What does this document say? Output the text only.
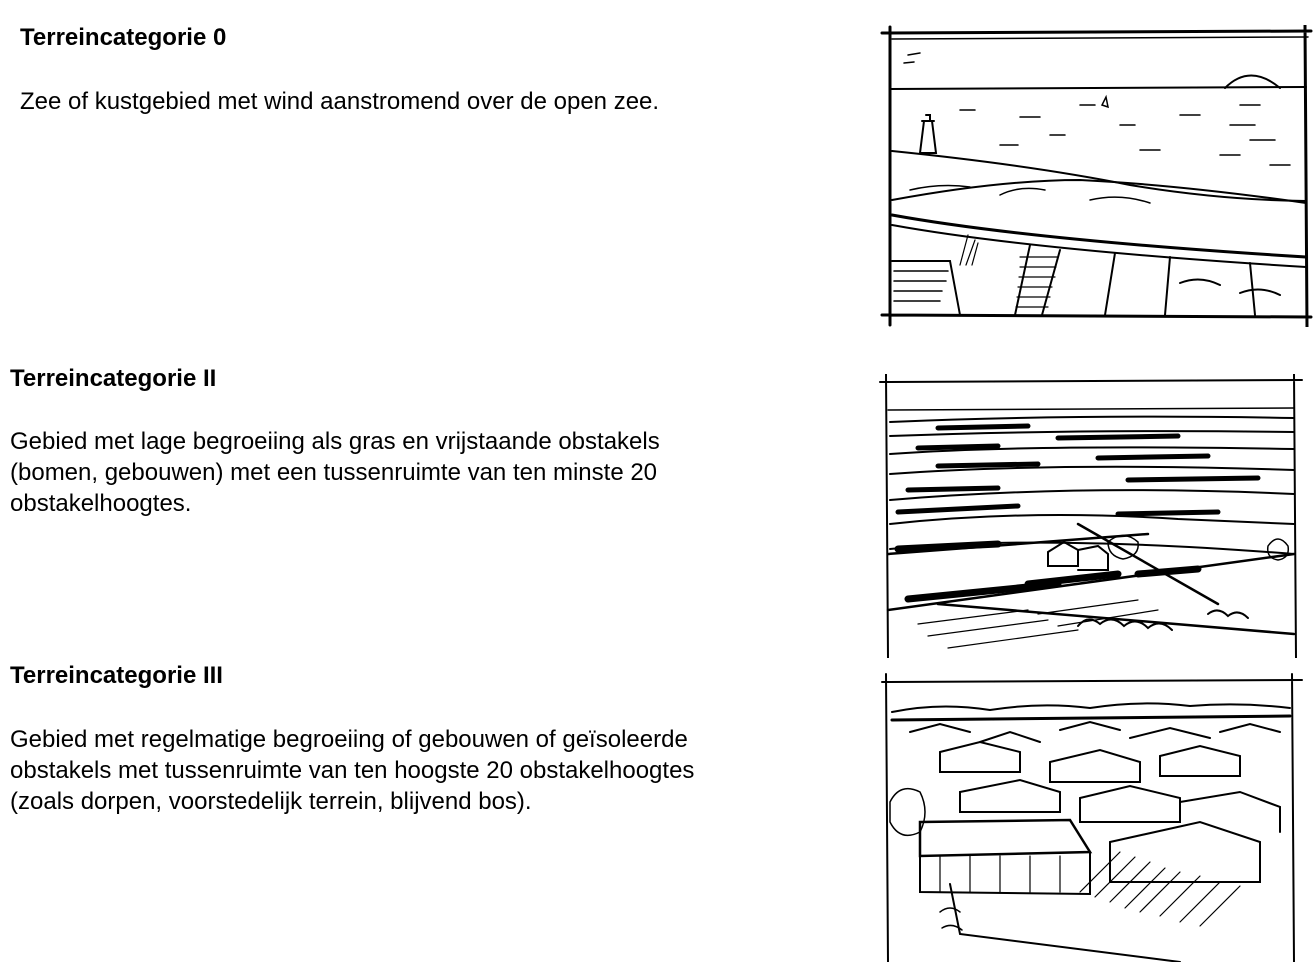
Terreincategorie 0

Zee of kustgebied met wind aanstromend over de open zee.

Terreincategorie II

Gebied met lage begroeiing als gras en vrijstaande obstakels
(bomen, gebouwen) met een tussenruimte van ten minste 20
obstakelhoogtes.

Terreincategorie III

Gebied met regelmatige begroeiing of gebouwen of geïsoleerde
obstakels met tussenruimte van ten hoogste 20 obstakelhoogtes
(zoals dorpen, voorstedelijk terrein, blijvend bos).
